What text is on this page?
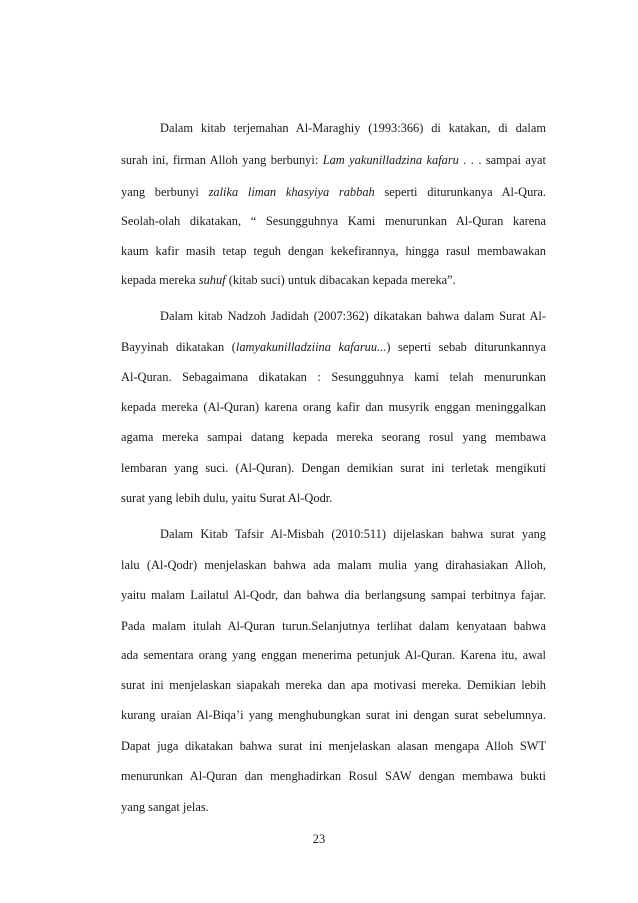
Dalam kitab terjemahan Al-Maraghiy (1993:366) di katakan, di dalam
surah ini, firman Alloh yang berbunyi: Lam yakunilladzina kafaru . . . sampai ayat
yang berbunyi zalika liman khasyiya rabbah seperti diturunkanya Al-Qura.
Seolah-olah dikatakan, “ Sesungguhnya Kami menurunkan Al-Quran karena
kaum kafir masih tetap teguh dengan kekefirannya, hingga rasul membawakan
kepada mereka suhuf (kitab suci) untuk dibacakan kepada mereka”.
Dalam kitab Nadzoh Jadidah (2007:362) dikatakan bahwa dalam Surat Al-
Bayyinah dikatakan (lamyakunilladziina kafaruu...) seperti sebab diturunkannya
Al-Quran. Sebagaimana dikatakan : Sesungguhnya kami telah menurunkan
kepada mereka (Al-Quran) karena orang kafir dan musyrik enggan meninggalkan
agama mereka sampai datang kepada mereka seorang rosul yang membawa
lembaran yang suci. (Al-Quran). Dengan demikian surat ini terletak mengikuti
surat yang lebih dulu, yaitu Surat Al-Qodr.
Dalam Kitab Tafsir Al-Misbah (2010:511) dijelaskan bahwa surat yang
lalu (Al-Qodr) menjelaskan bahwa ada malam mulia yang dirahasiakan Alloh,
yaitu malam Lailatul Al-Qodr, dan bahwa dia berlangsung sampai terbitnya fajar.
Pada malam itulah Al-Quran turun.Selanjutnya terlihat dalam kenyataan bahwa
ada sementara orang yang enggan menerima petunjuk Al-Quran. Karena itu, awal
surat ini menjelaskan siapakah mereka dan apa motivasi mereka. Demikian lebih
kurang uraian Al-Biqa’i yang menghubungkan surat ini dengan surat sebelumnya.
Dapat juga dikatakan bahwa surat ini menjelaskan alasan mengapa Alloh SWT
menurunkan Al-Quran dan menghadirkan Rosul SAW dengan membawa bukti
yang sangat jelas.
23
